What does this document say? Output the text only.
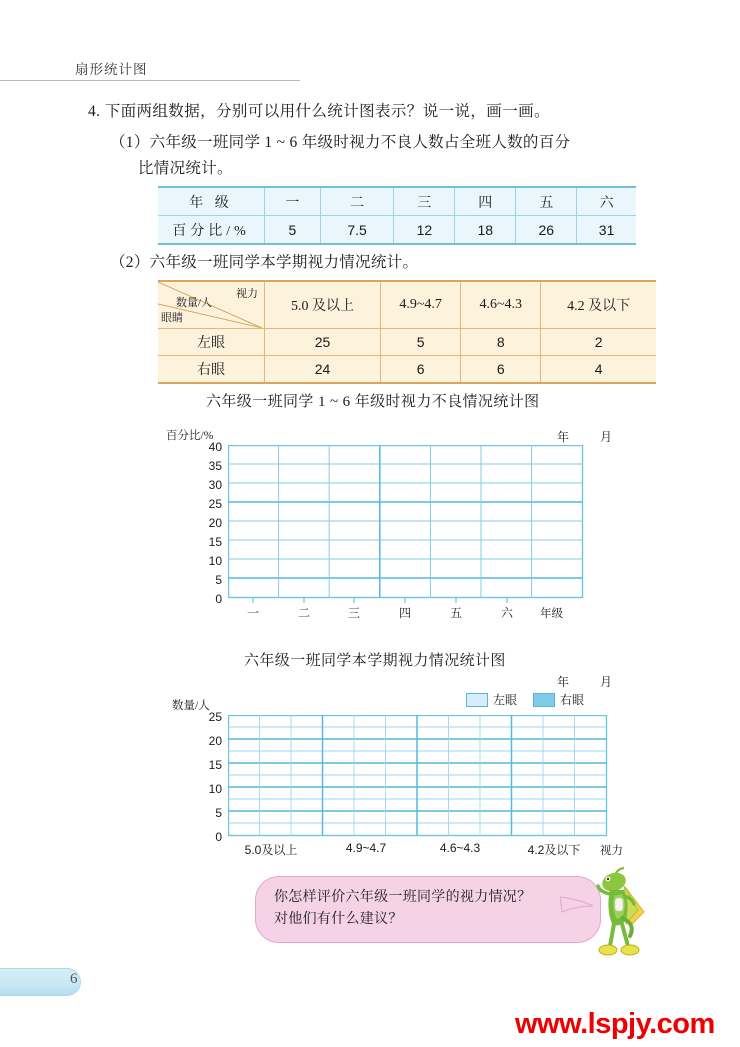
扇形统计图
4. 下面两组数据，分别可以用什么统计图表示？说一说，画一画。
（1）六年级一班同学 1 ~ 6 年级时视力不良人数占全班人数的百分
比情况统计。
（2）六年级一班同学本学期视力情况统计。
年 级	一	二	三	四	五	六
百分比/%	5	7.5	12	18	26	31
视力
数量/人
眼睛	5.0 及以上	4.9~4.7	4.6~4.3	4.2 及以下
左眼	25	5	8	2
右眼	24	6	6	4
六年级一班同学 1 ~ 6 年级时视力不良情况统计图
百分比/%	年 月
40
35
30
25
20
15
10
5
0
一	二	三	四	五	六	年级
六年级一班同学本学期视力情况统计图
年 月
左眼	右眼
数量/人
25
20
15
10
5
0
5.0及以上	4.9~4.7	4.6~4.3	4.2及以下	视力
你怎样评价六年级一班同学的视力情况？
对他们有什么建议？
6
www.lspjy.com
